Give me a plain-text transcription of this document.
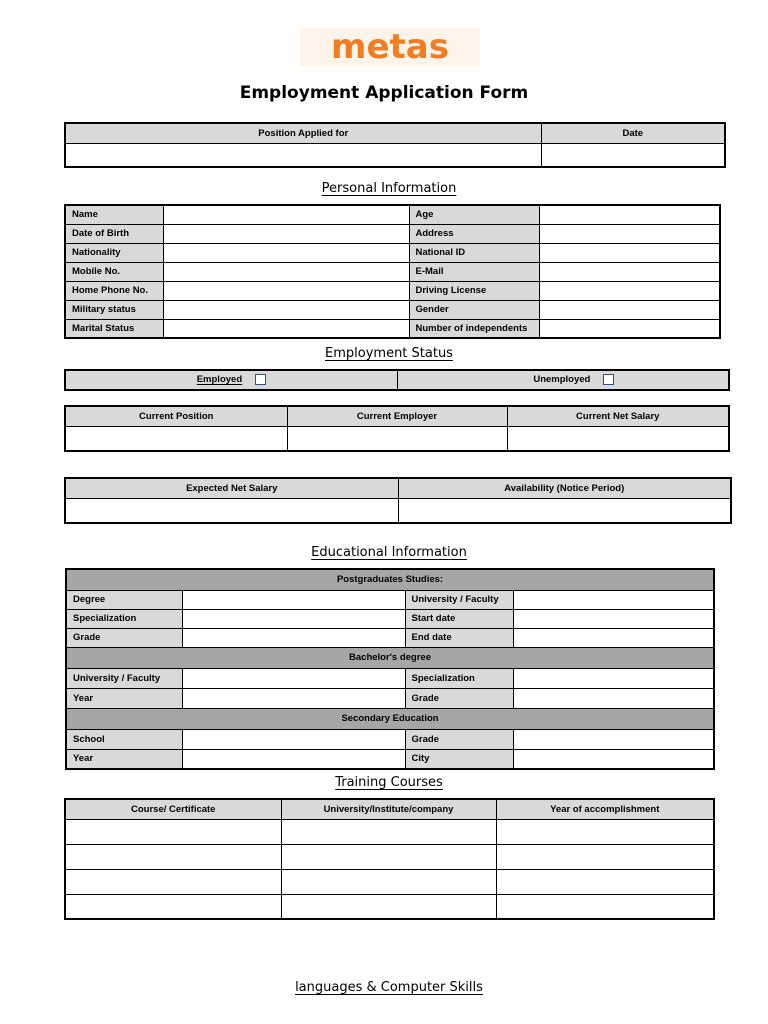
metas
Employment Application Form
Position Applied for	Date

Personal Information
Name		Age	
Date of Birth		Address	
Nationality		National ID	
Mobile No.		E-Mail	
Home Phone No.		Driving License	
Military status		Gender	
Marital Status		Number of independents	
Employment Status
Employed	Unemployed
Current Position	Current Employer	Current Net Salary

Expected Net Salary	Availability (Notice Period)

Educational Information
Postgraduates Studies:			
Degree		University / Faculty	
Specialization		Start date	
Grade		End date	
Bachelor's degree			
University / Faculty		Specialization	
Year		Grade	
Secondary Education			
School		Grade	
Year		City	
Training Courses
Course/ Certificate	University/Institute/company	Year of accomplishment

languages & Computer Skills
